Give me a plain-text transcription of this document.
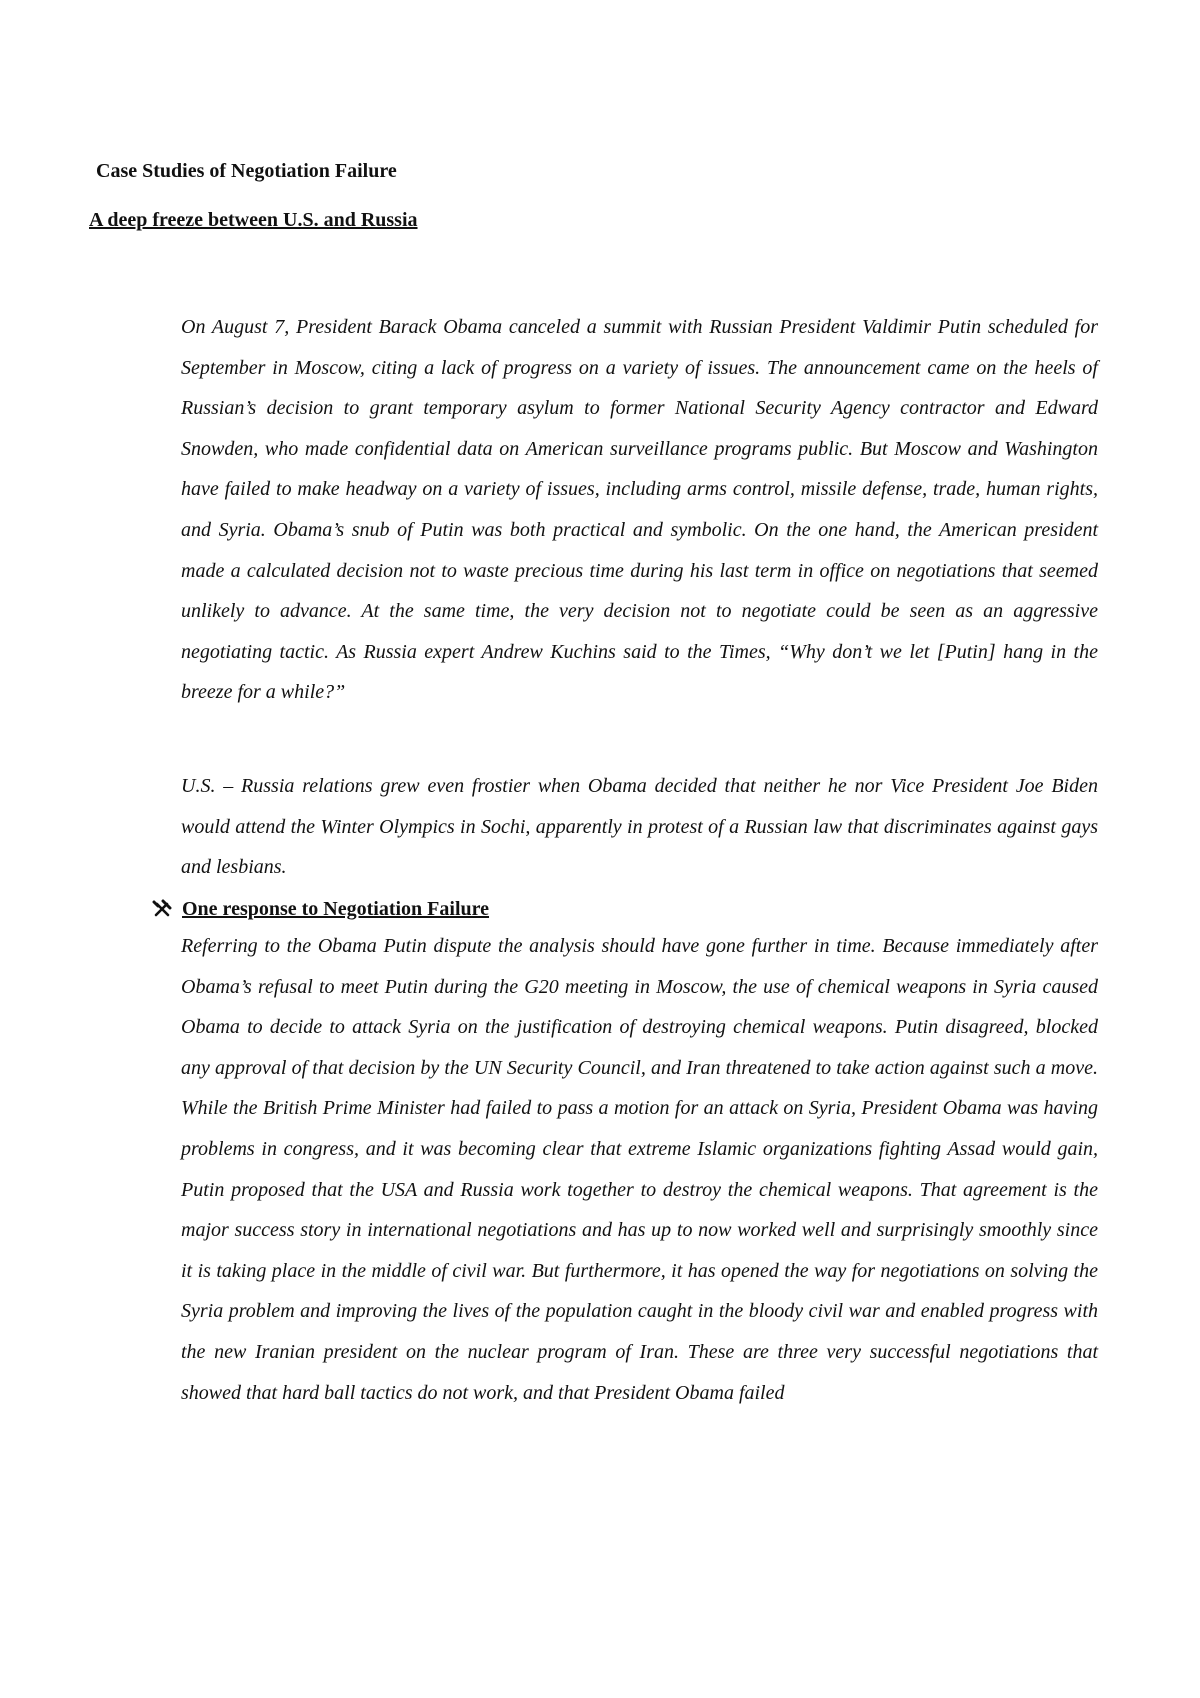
Case Studies of Negotiation Failure
A deep freeze between U.S. and Russia

On August 7, President Barack Obama canceled a summit with Russian President Valdimir Putin scheduled for September in Moscow, citing a lack of progress on a variety of issues. The announcement came on the heels of Russian’s decision to grant temporary asylum to former National Security Agency contractor and Edward Snowden, who made confidential data on American surveillance programs public. But Moscow and Washington have failed to make headway on a variety of issues, including arms control, missile defense, trade, human rights, and Syria. Obama’s snub of Putin was both practical and symbolic. On the one hand, the American president made a calculated decision not to waste precious time during his last term in office on negotiations that seemed unlikely to advance. At the same time, the very decision not to negotiate could be seen as an aggressive negotiating tactic. As Russia expert Andrew Kuchins said to the Times, “Why don’t we let [Putin] hang in the breeze for a while?”

U.S. – Russia relations grew even frostier when Obama decided that neither he nor Vice President Joe Biden would attend the Winter Olympics in Sochi, apparently in protest of a Russian law that discriminates against gays and lesbians.

One response to Negotiation Failure

Referring to the Obama Putin dispute the analysis should have gone further in time. Because immediately after Obama’s refusal to meet Putin during the G20 meeting in Moscow, the use of chemical weapons in Syria caused Obama to decide to attack Syria on the justification of destroying chemical weapons. Putin disagreed, blocked any approval of that decision by the UN Security Council, and Iran threatened to take action against such a move. While the British Prime Minister had failed to pass a motion for an attack on Syria, President Obama was having problems in congress, and it was becoming clear that extreme Islamic organizations fighting Assad would gain, Putin proposed that the USA and Russia work together to destroy the chemical weapons. That agreement is the major success story in international negotiations and has up to now worked well and surprisingly smoothly since it is taking place in the middle of civil war. But furthermore, it has opened the way for negotiations on solving the Syria problem and improving the lives of the population caught in the bloody civil war and enabled progress with the new Iranian president on the nuclear program of Iran. These are three very successful negotiations that showed that hard ball tactics do not work, and that President Obama failed
